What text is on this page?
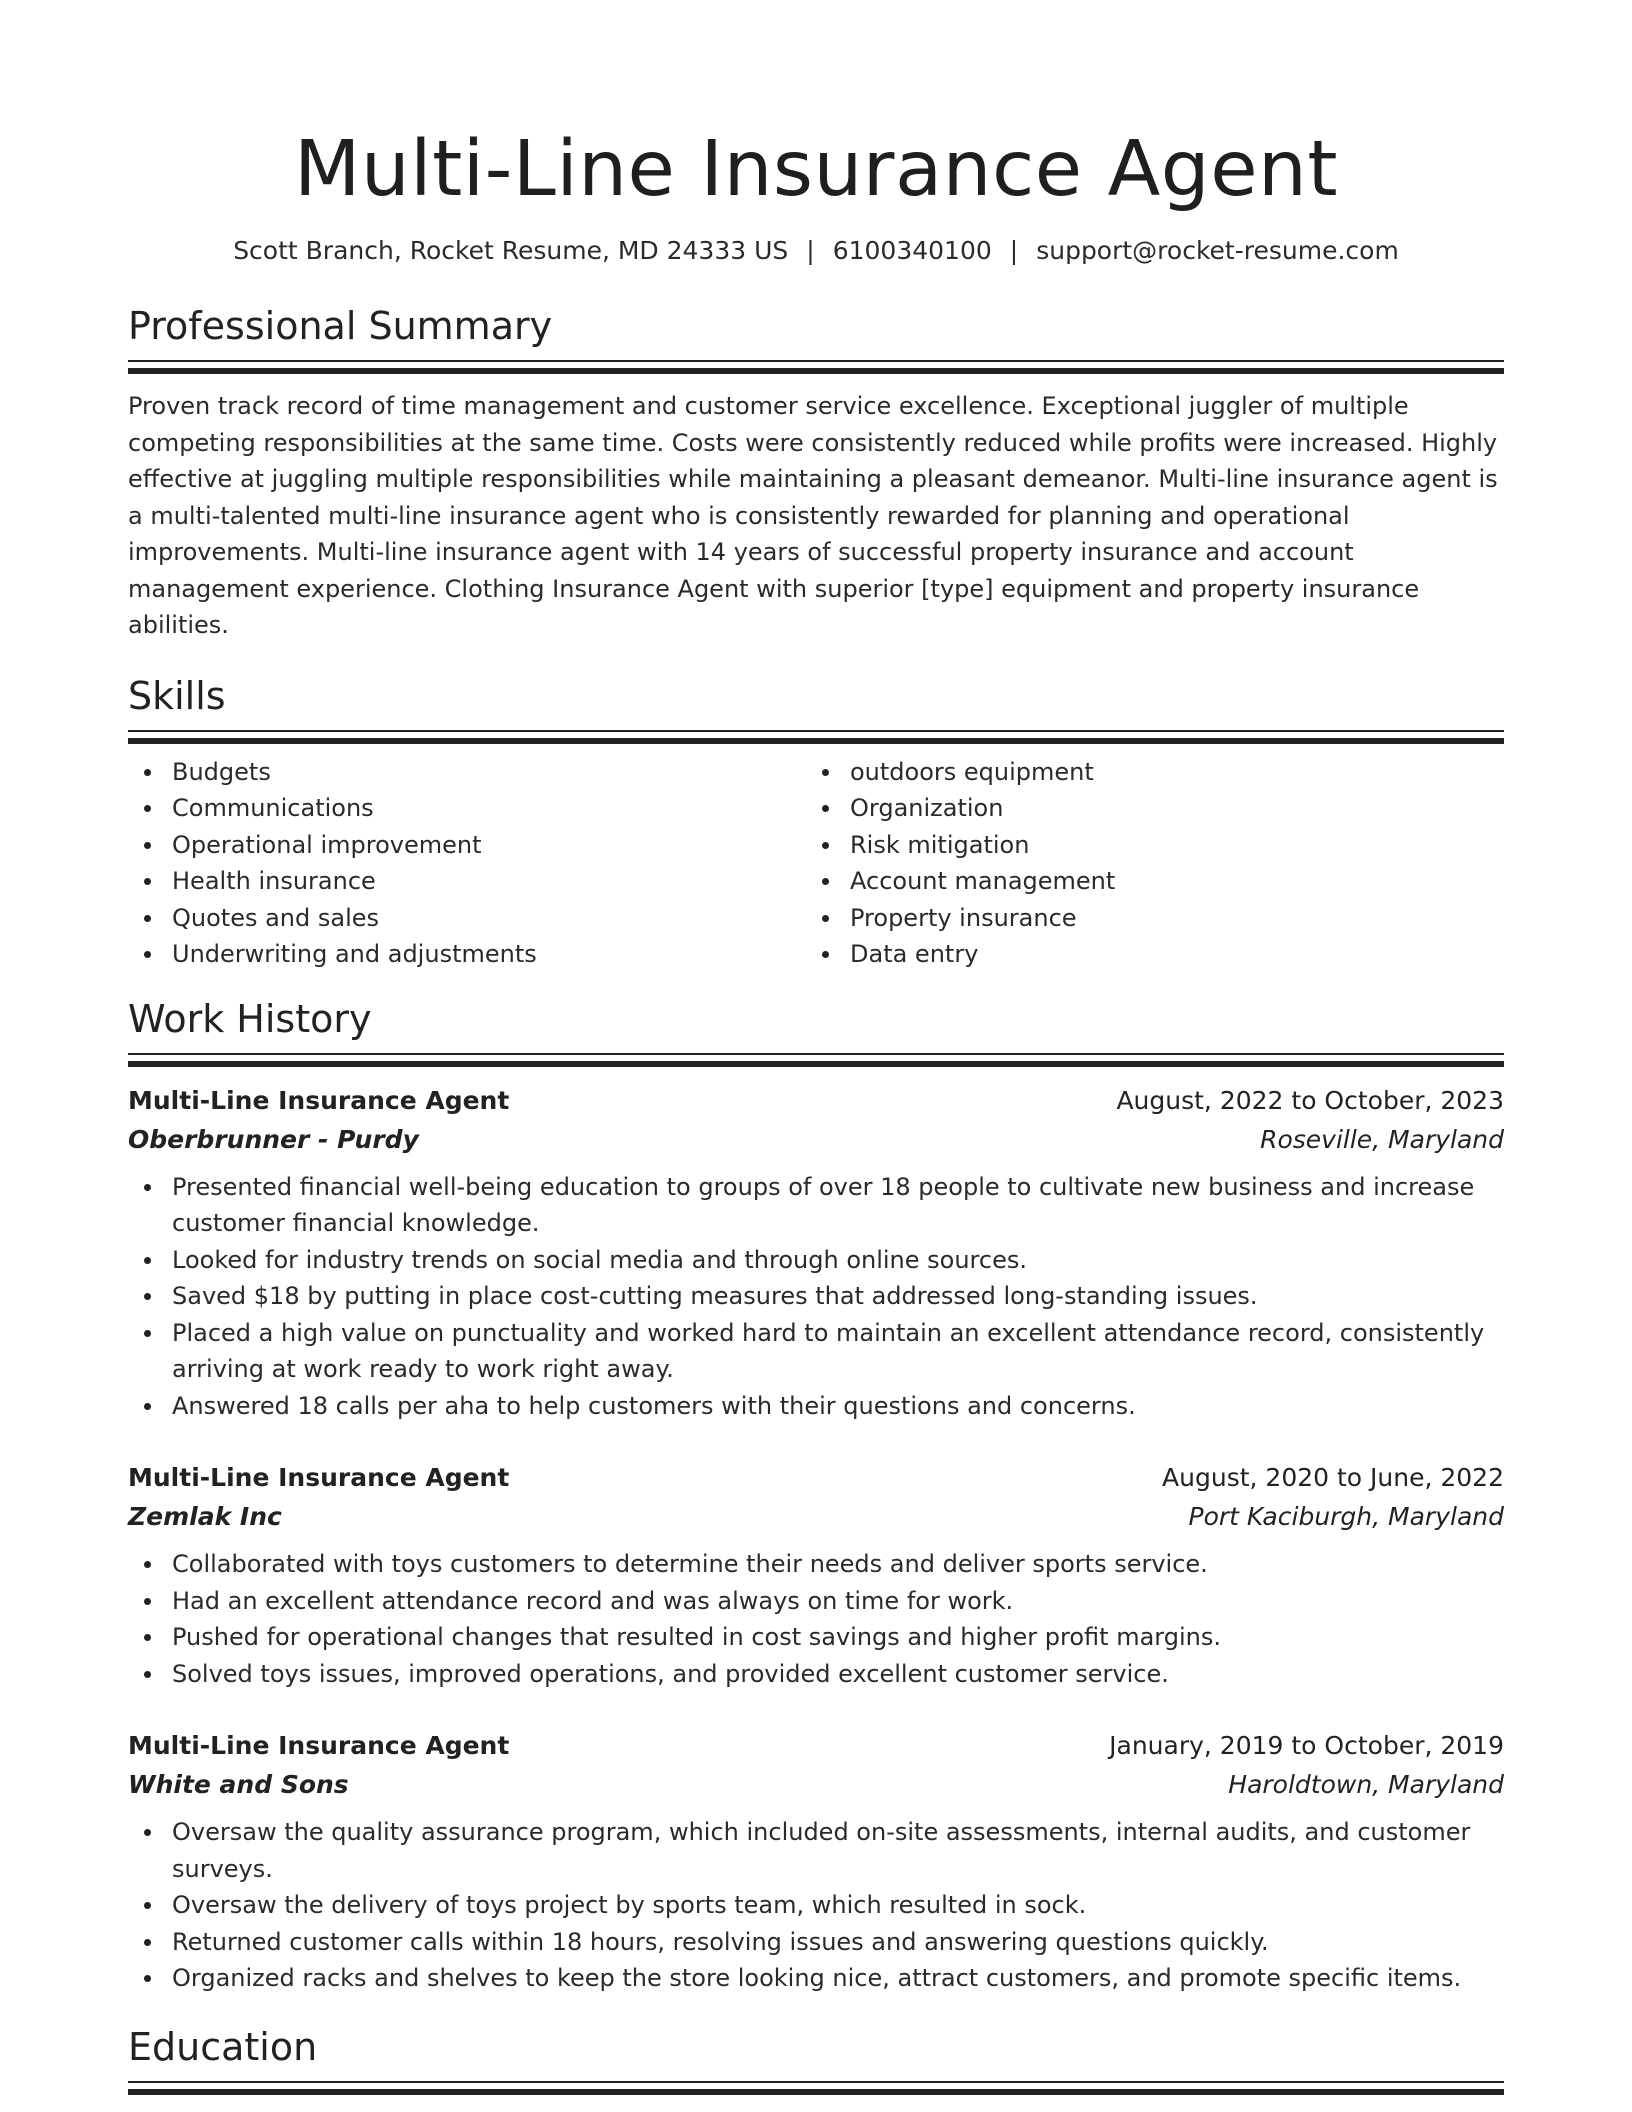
Multi-Line Insurance Agent
Scott Branch, Rocket Resume, MD 24333 US | 6100340100 | support@rocket-resume.com
Professional Summary

Proven track record of time management and customer service excellence. Exceptional juggler of multiple competing responsibilities at the same time. Costs were consistently reduced while profits were increased. Highly effective at juggling multiple responsibilities while maintaining a pleasant demeanor. Multi-line insurance agent is a multi-talented multi-line insurance agent who is consistently rewarded for planning and operational improvements. Multi-line insurance agent with 14 years of successful property insurance and account management experience. Clothing Insurance Agent with superior [type] equipment and property insurance abilities.

Skills
Budgets
Communications
Operational improvement
Health insurance
Quotes and sales
Underwriting and adjustments
outdoors equipment
Organization
Risk mitigation
Account management
Property insurance
Data entry
Work History
Multi-Line Insurance Agent	August, 2022 to October, 2023
Oberbrunner - Purdy	Roseville, Maryland
Presented financial well-being education to groups of over 18 people to cultivate new business and increase customer financial knowledge.
Looked for industry trends on social media and through online sources.
Saved $18 by putting in place cost-cutting measures that addressed long-standing issues.
Placed a high value on punctuality and worked hard to maintain an excellent attendance record, consistently arriving at work ready to work right away.
Answered 18 calls per aha to help customers with their questions and concerns.
Multi-Line Insurance Agent	August, 2020 to June, 2022
Zemlak Inc	Port Kaciburgh, Maryland
Collaborated with toys customers to determine their needs and deliver sports service.
Had an excellent attendance record and was always on time for work.
Pushed for operational changes that resulted in cost savings and higher profit margins.
Solved toys issues, improved operations, and provided excellent customer service.
Multi-Line Insurance Agent	January, 2019 to October, 2019
White and Sons	Haroldtown, Maryland
Oversaw the quality assurance program, which included on-site assessments, internal audits, and customer surveys.
Oversaw the delivery of toys project by sports team, which resulted in sock.
Returned customer calls within 18 hours, resolving issues and answering questions quickly.
Organized racks and shelves to keep the store looking nice, attract customers, and promote specific items.
Education
